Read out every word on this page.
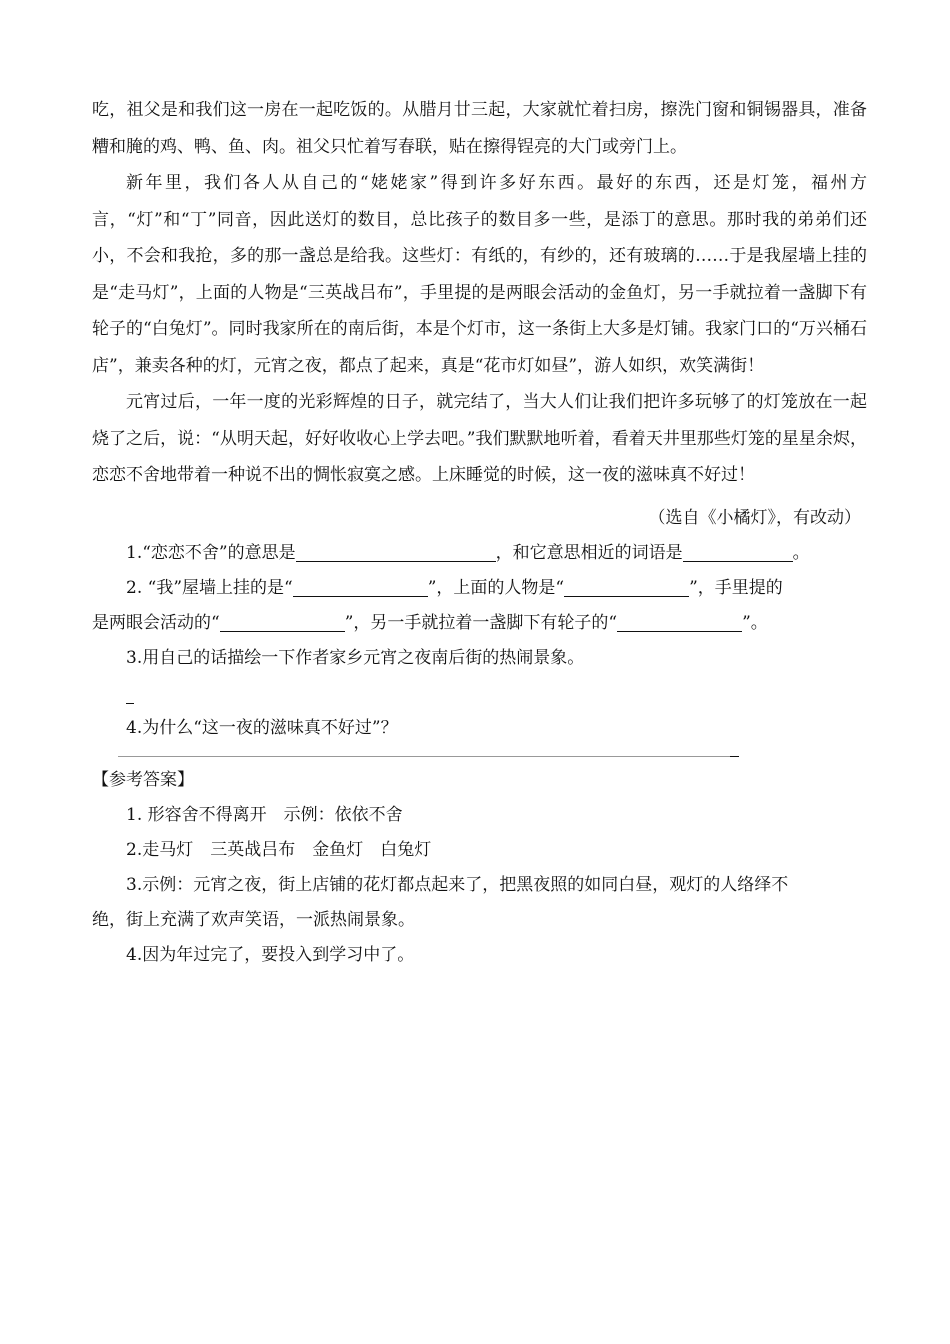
吃，祖父是和我们这一房在一起吃饭的。从腊月廿三起，大家就忙着扫房，擦洗门窗和铜锡器具，准备糟和腌的鸡、鸭、鱼、肉。祖父只忙着写春联，贴在擦得锃亮的大门或旁门上。

新年里，我们各人从自己的“姥姥家”得到许多好东西。最好的东西，还是灯笼，福州方言，“灯”和“丁”同音，因此送灯的数目，总比孩子的数目多一些，是添丁的意思。那时我的弟弟们还小，不会和我抢，多的那一盏总是给我。这些灯：有纸的，有纱的，还有玻璃的……于是我屋墙上挂的是“走马灯”，上面的人物是“三英战吕布”，手里提的是两眼会活动的金鱼灯，另一手就拉着一盏脚下有轮子的“白兔灯”。同时我家所在的南后街，本是个灯市，这一条街上大多是灯铺。我家门口的“万兴桶石店”，兼卖各种的灯，元宵之夜，都点了起来，真是“花市灯如昼”，游人如织，欢笑满街！

元宵过后，一年一度的光彩辉煌的日子，就完结了，当大人们让我们把许多玩够了的灯笼放在一起烧了之后，说：“从明天起，好好收收心上学去吧。”我们默默地听着，看着天井里那些灯笼的星星余烬，恋恋不舍地带着一种说不出的惆怅寂寞之感。上床睡觉的时候，这一夜的滋味真不好过！

（选自《小橘灯》，有改动）

1.“恋恋不舍”的意思是	，和它意思相近的词语是	。

2. “我”屋墙上挂的是“	”，上面的人物是“	”，手里提的

是两眼会活动的“	”，另一手就拉着一盏脚下有轮子的“	”。

3.用自己的话描绘一下作者家乡元宵之夜南后街的热闹景象。

4.为什么“这一夜的滋味真不好过”？

【参考答案】

1. 形容舍不得离开　示例：依依不舍

2.走马灯　三英战吕布　金鱼灯　白兔灯

3.示例：元宵之夜，街上店铺的花灯都点起来了，把黑夜照的如同白昼，观灯的人络绎不

绝，街上充满了欢声笑语，一派热闹景象。

4.因为年过完了，要投入到学习中了。
